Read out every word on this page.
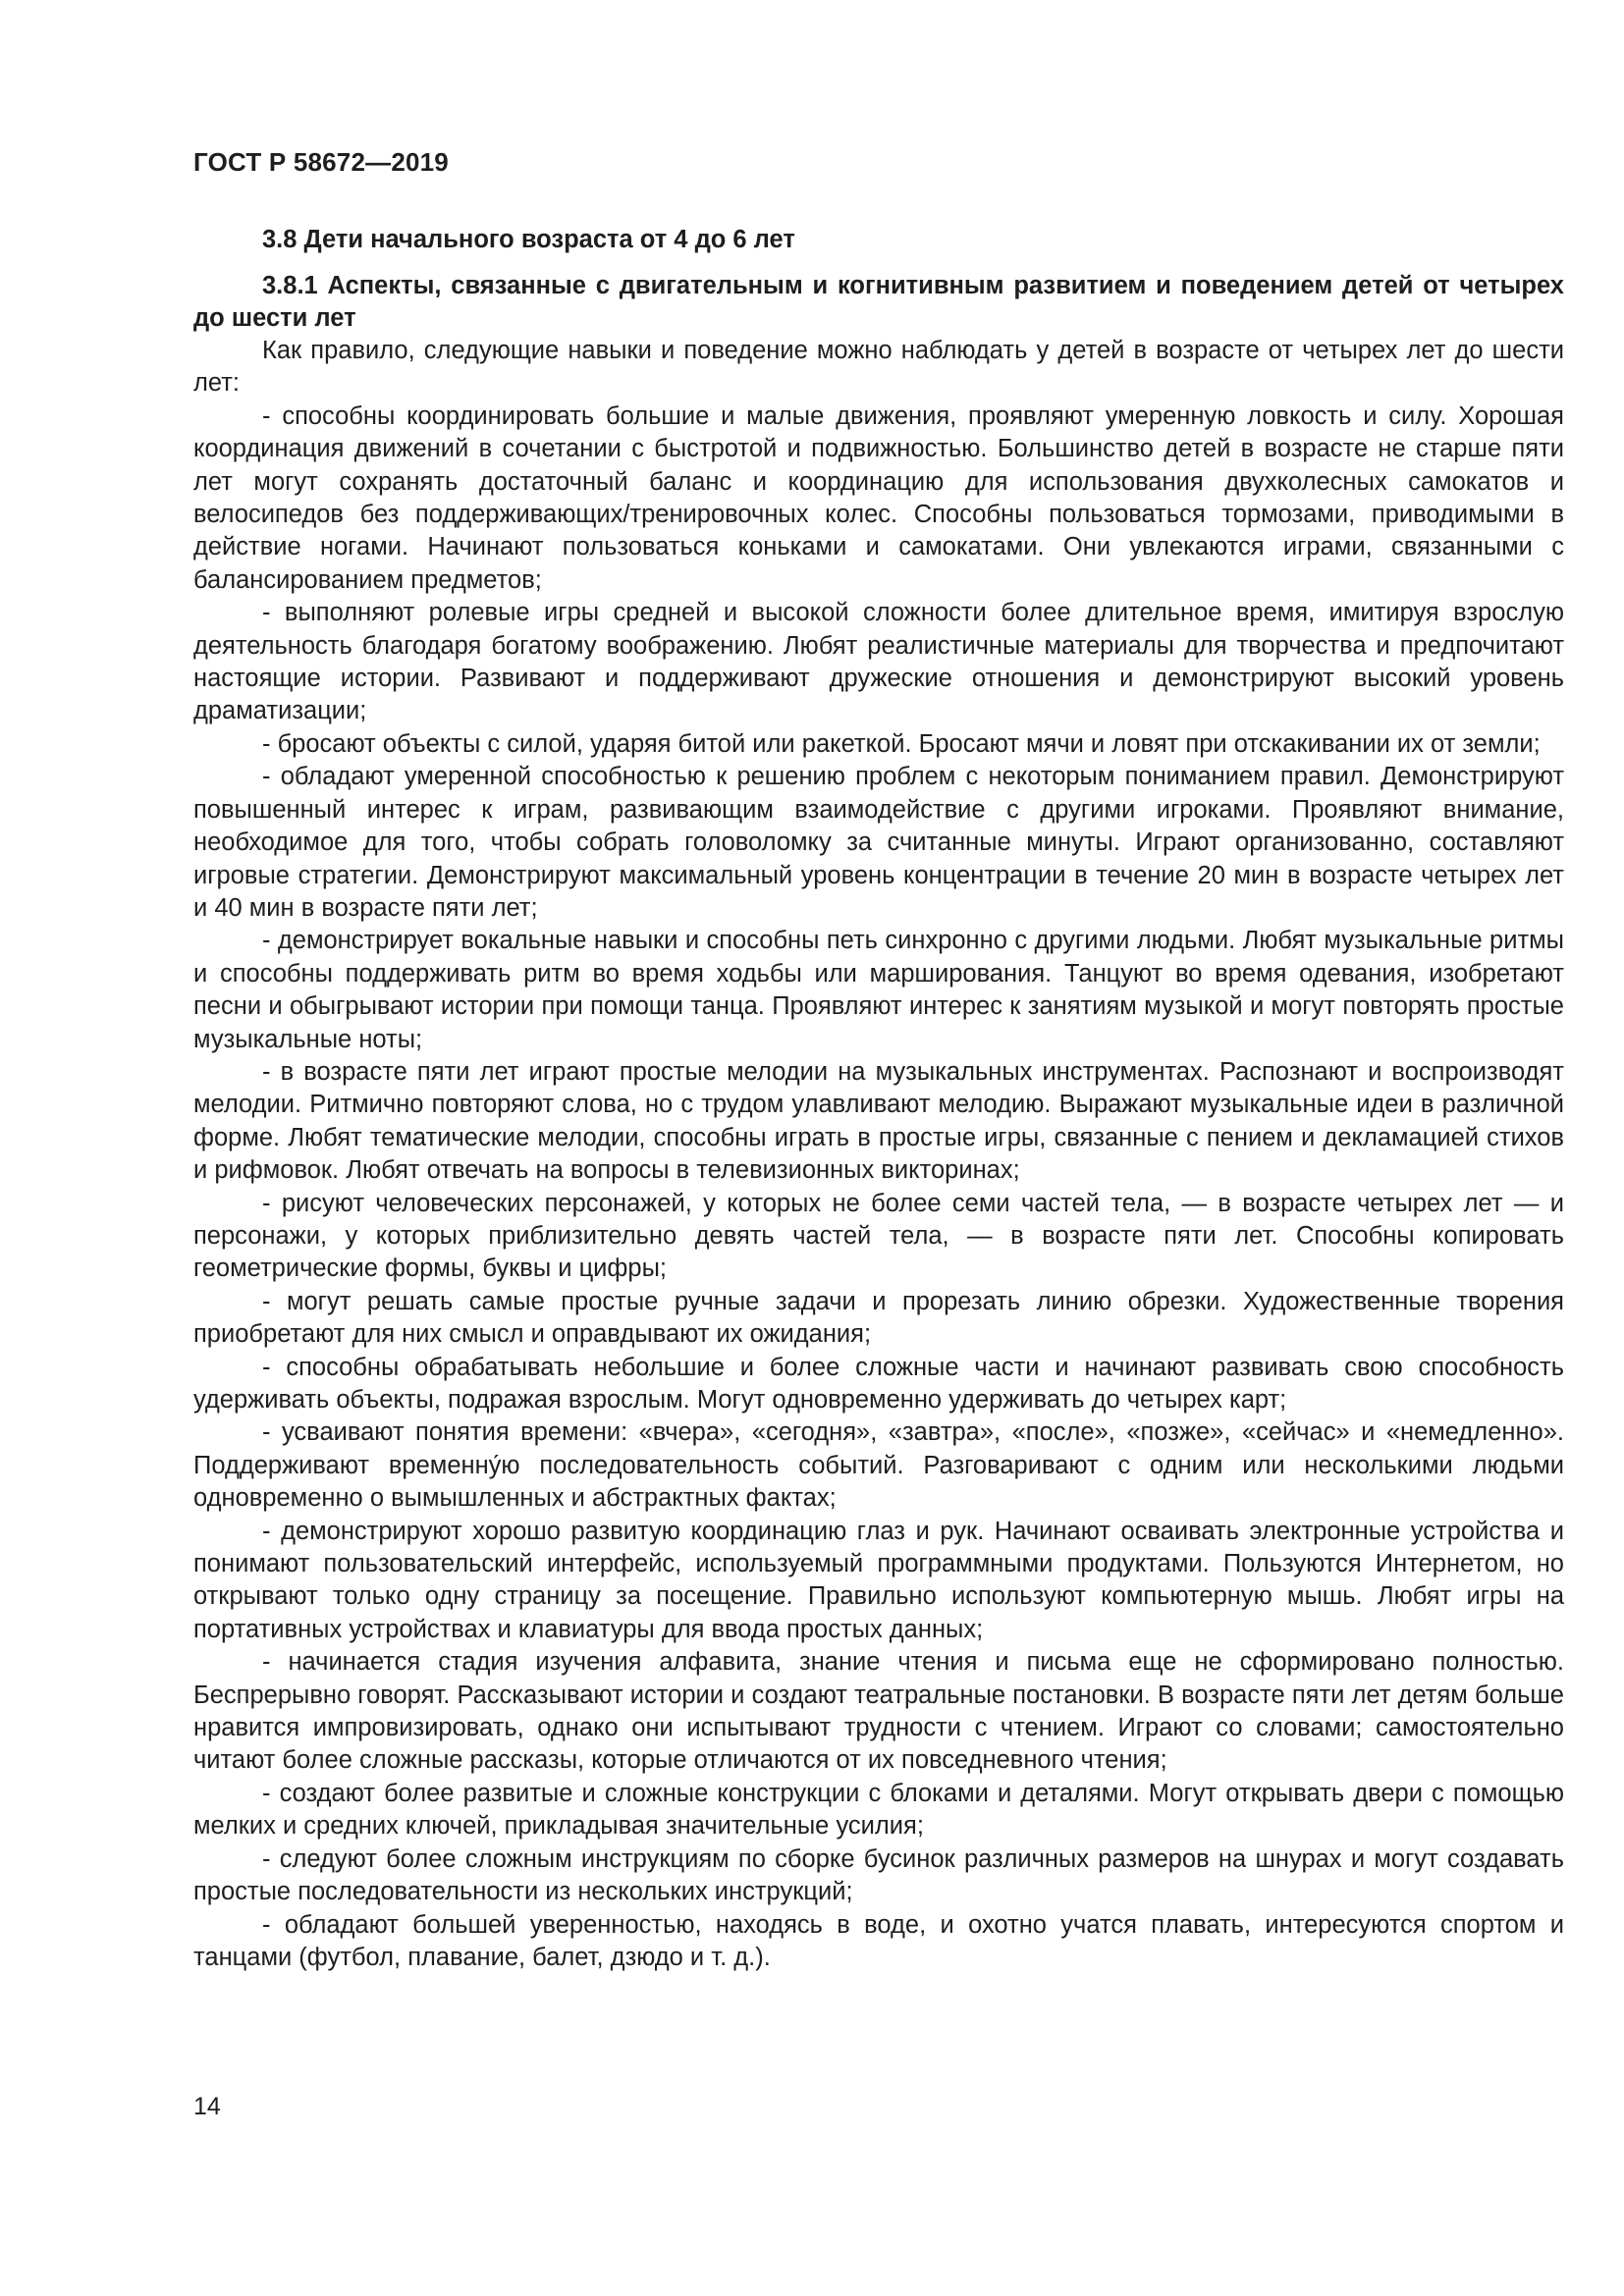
ГОСТ Р 58672—2019

3.8 Дети начального возраста от 4 до 6 лет

3.8.1 Аспекты, связанные с двигательным и когнитивным развитием и поведением детей от четырех до шести лет

Как правило, следующие навыки и поведение можно наблюдать у детей в возрасте от четырех лет до шести лет:

- способны координировать большие и малые движения, проявляют умеренную ловкость и силу. Хорошая координация движений в сочетании с быстротой и подвижностью. Большинство детей в возрасте не старше пяти лет могут сохранять достаточный баланс и координацию для использования двухколесных самокатов и велосипедов без поддерживающих/тренировочных колес. Способны пользоваться тормозами, приводимыми в действие ногами. Начинают пользоваться коньками и самокатами. Они увлекаются играми, связанными с балансированием предметов;

- выполняют ролевые игры средней и высокой сложности более длительное время, имитируя взрослую деятельность благодаря богатому воображению. Любят реалистичные материалы для творчества и предпочитают настоящие истории. Развивают и поддерживают дружеские отношения и демонстрируют высокий уровень драматизации;

- бросают объекты с силой, ударяя битой или ракеткой. Бросают мячи и ловят при отскакивании их от земли;

- обладают умеренной способностью к решению проблем с некоторым пониманием правил. Демонстрируют повышенный интерес к играм, развивающим взаимодействие с другими игроками. Проявляют внимание, необходимое для того, чтобы собрать головоломку за считанные минуты. Играют организованно, составляют игровые стратегии. Демонстрируют максимальный уровень концентрации в течение 20 мин в возрасте четырех лет и 40 мин в возрасте пяти лет;

- демонстрирует вокальные навыки и способны петь синхронно с другими людьми. Любят музыкальные ритмы и способны поддерживать ритм во время ходьбы или марширования. Танцуют во время одевания, изобретают песни и обыгрывают истории при помощи танца. Проявляют интерес к занятиям музыкой и могут повторять простые музыкальные ноты;

- в возрасте пяти лет играют простые мелодии на музыкальных инструментах. Распознают и воспроизводят мелодии. Ритмично повторяют слова, но с трудом улавливают мелодию. Выражают музыкальные идеи в различной форме. Любят тематические мелодии, способны играть в простые игры, связанные с пением и декламацией стихов и рифмовок. Любят отвечать на вопросы в телевизионных викторинах;

- рисуют человеческих персонажей, у которых не более семи частей тела, — в возрасте четырех лет — и персонажи, у которых приблизительно девять частей тела, — в возрасте пяти лет. Способны копировать геометрические формы, буквы и цифры;

- могут решать самые простые ручные задачи и прорезать линию обрезки. Художественные творения приобретают для них смысл и оправдывают их ожидания;

- способны обрабатывать небольшие и более сложные части и начинают развивать свою способность удерживать объекты, подражая взрослым. Могут одновременно удерживать до четырех карт;

- усваивают понятия времени: «вчера», «сегодня», «завтра», «после», «позже», «сейчас» и «немедленно». Поддерживают временну́ю последовательность событий. Разговаривают с одним или несколькими людьми одновременно о вымышленных и абстрактных фактах;

- демонстрируют хорошо развитую координацию глаз и рук. Начинают осваивать электронные устройства и понимают пользовательский интерфейс, используемый программными продуктами. Пользуются Интернетом, но открывают только одну страницу за посещение. Правильно используют компьютерную мышь. Любят игры на портативных устройствах и клавиатуры для ввода простых данных;

- начинается стадия изучения алфавита, знание чтения и письма еще не сформировано полностью. Беспрерывно говорят. Рассказывают истории и создают театральные постановки. В возрасте пяти лет детям больше нравится импровизировать, однако они испытывают трудности с чтением. Играют со словами; самостоятельно читают более сложные рассказы, которые отличаются от их повседневного чтения;

- создают более развитые и сложные конструкции с блоками и деталями. Могут открывать двери с помощью мелких и средних ключей, прикладывая значительные усилия;

- следуют более сложным инструкциям по сборке бусинок различных размеров на шнурах и могут создавать простые последовательности из нескольких инструкций;

- обладают большей уверенностью, находясь в воде, и охотно учатся плавать, интересуются спортом и танцами (футбол, плавание, балет, дзюдо и т. д.).

14
